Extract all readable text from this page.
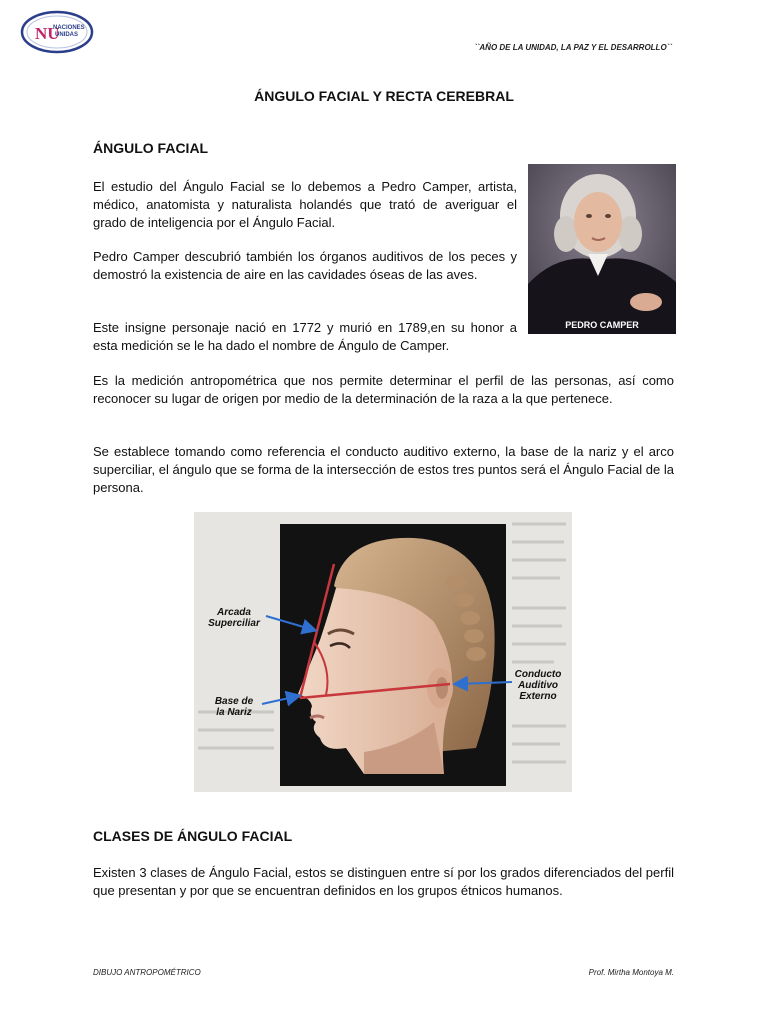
NU
NACIONES
UNIDAS
``AÑO DE LA UNIDAD, LA PAZ Y EL DESARROLLO``
ÁNGULO FACIAL Y RECTA CEREBRAL
ÁNGULO FACIAL

El estudio del Ángulo Facial se lo debemos a Pedro Camper, artista, médico, anatomista y naturalista holandés que trató de averiguar el grado de inteligencia por el Ángulo Facial.

Pedro Camper descubrió también los órganos auditivos de los peces y demostró la existencia de aire en las cavidades óseas de las aves.

Este insigne personaje nació en 1772 y murió en 1789,en su honor a esta medición se le ha dado el nombre de Ángulo de Camper.

Es la medición antropométrica que nos permite determinar el perfil de las personas, así como reconocer su lugar de origen por medio de la determinación de la raza a la que pertenece.

Se establece tomando como referencia el conducto auditivo externo, la base de la nariz y el arco superciliar, el ángulo que se forma de la intersección de estos tres puntos será el Ángulo Facial de la persona.

PEDRO CAMPER
Arcada
Superciliar
Base de
la Nariz
Conducto
Auditivo
Externo
CLASES DE ÁNGULO FACIAL

Existen 3 clases de Ángulo Facial, estos se distinguen entre sí por los grados diferenciados del perfil que presentan y por que se encuentran definidos en los grupos étnicos humanos.

DIBUJO ANTROPOMÉTRICO	Prof. Mirtha Montoya M.
